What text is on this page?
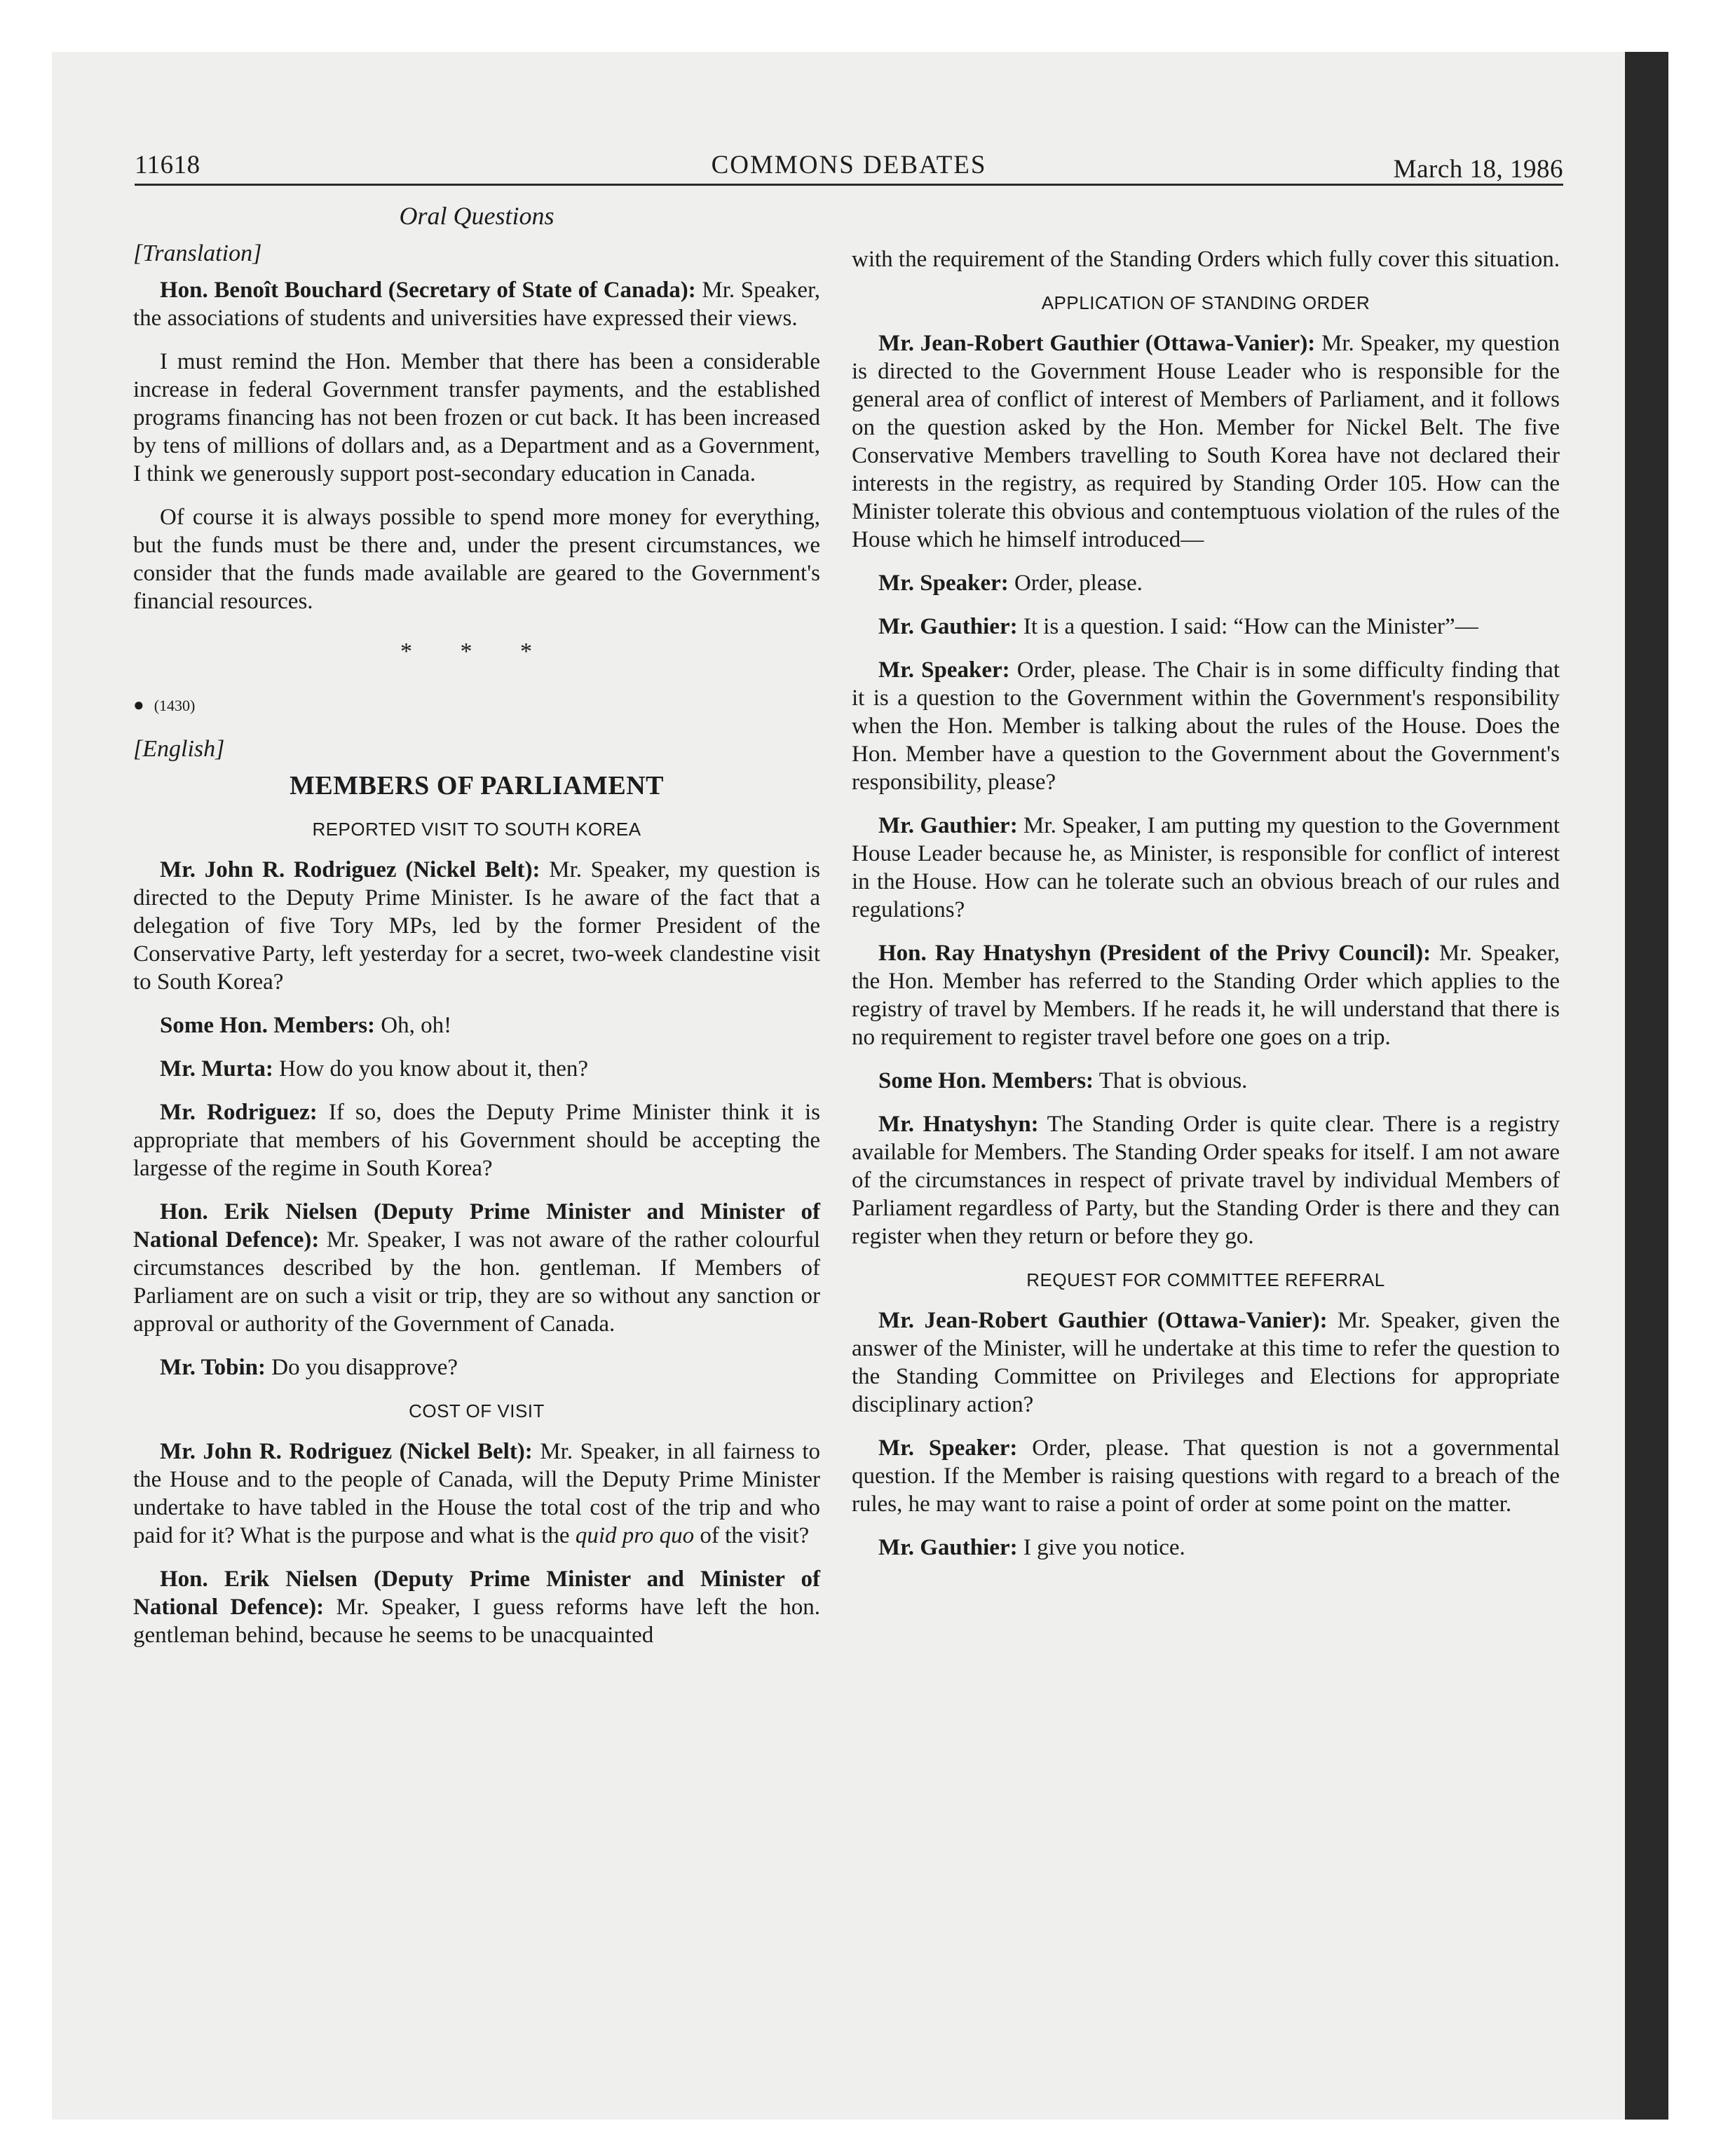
11618	COMMONS DEBATES	March 18, 1986
Oral Questions
[Translation]

Hon. Benoît Bouchard (Secretary of State of Canada): Mr. Speaker, the associations of students and universities have expressed their views.

I must remind the Hon. Member that there has been a considerable increase in federal Government transfer payments, and the established programs financing has not been frozen or cut back. It has been increased by tens of millions of dollars and, as a Department and as a Government, I think we generously support post-secondary education in Canada.

Of course it is always possible to spend more money for everything, but the funds must be there and, under the present circumstances, we consider that the funds made available are geared to the Government's financial resources.

* * *
● (1430)
[English]
MEMBERS OF PARLIAMENT
REPORTED VISIT TO SOUTH KOREA

Mr. John R. Rodriguez (Nickel Belt): Mr. Speaker, my question is directed to the Deputy Prime Minister. Is he aware of the fact that a delegation of five Tory MPs, led by the former President of the Conservative Party, left yesterday for a secret, two-week clandestine visit to South Korea?

Some Hon. Members: Oh, oh!

Mr. Murta: How do you know about it, then?

Mr. Rodriguez: If so, does the Deputy Prime Minister think it is appropriate that members of his Government should be accepting the largesse of the regime in South Korea?

Hon. Erik Nielsen (Deputy Prime Minister and Minister of National Defence): Mr. Speaker, I was not aware of the rather colourful circumstances described by the hon. gentleman. If Members of Parliament are on such a visit or trip, they are so without any sanction or approval or authority of the Government of Canada.

Mr. Tobin: Do you disapprove?

COST OF VISIT

Mr. John R. Rodriguez (Nickel Belt): Mr. Speaker, in all fairness to the House and to the people of Canada, will the Deputy Prime Minister undertake to have tabled in the House the total cost of the trip and who paid for it? What is the purpose and what is the quid pro quo of the visit?

Hon. Erik Nielsen (Deputy Prime Minister and Minister of National Defence): Mr. Speaker, I guess reforms have left the hon. gentleman behind, because he seems to be unacquainted

with the requirement of the Standing Orders which fully cover this situation.

APPLICATION OF STANDING ORDER

Mr. Jean-Robert Gauthier (Ottawa-Vanier): Mr. Speaker, my question is directed to the Government House Leader who is responsible for the general area of conflict of interest of Members of Parliament, and it follows on the question asked by the Hon. Member for Nickel Belt. The five Conservative Members travelling to South Korea have not declared their interests in the registry, as required by Standing Order 105. How can the Minister tolerate this obvious and contemptuous violation of the rules of the House which he himself introduced—

Mr. Speaker: Order, please.

Mr. Gauthier: It is a question. I said: “How can the Minister”—

Mr. Speaker: Order, please. The Chair is in some difficulty finding that it is a question to the Government within the Government's responsibility when the Hon. Member is talking about the rules of the House. Does the Hon. Member have a question to the Government about the Government's responsibility, please?

Mr. Gauthier: Mr. Speaker, I am putting my question to the Government House Leader because he, as Minister, is responsible for conflict of interest in the House. How can he tolerate such an obvious breach of our rules and regulations?

Hon. Ray Hnatyshyn (President of the Privy Council): Mr. Speaker, the Hon. Member has referred to the Standing Order which applies to the registry of travel by Members. If he reads it, he will understand that there is no requirement to register travel before one goes on a trip.

Some Hon. Members: That is obvious.

Mr. Hnatyshyn: The Standing Order is quite clear. There is a registry available for Members. The Standing Order speaks for itself. I am not aware of the circumstances in respect of private travel by individual Members of Parliament regardless of Party, but the Standing Order is there and they can register when they return or before they go.

REQUEST FOR COMMITTEE REFERRAL

Mr. Jean-Robert Gauthier (Ottawa-Vanier): Mr. Speaker, given the answer of the Minister, will he undertake at this time to refer the question to the Standing Committee on Privileges and Elections for appropriate disciplinary action?

Mr. Speaker: Order, please. That question is not a governmental question. If the Member is raising questions with regard to a breach of the rules, he may want to raise a point of order at some point on the matter.

Mr. Gauthier: I give you notice.
